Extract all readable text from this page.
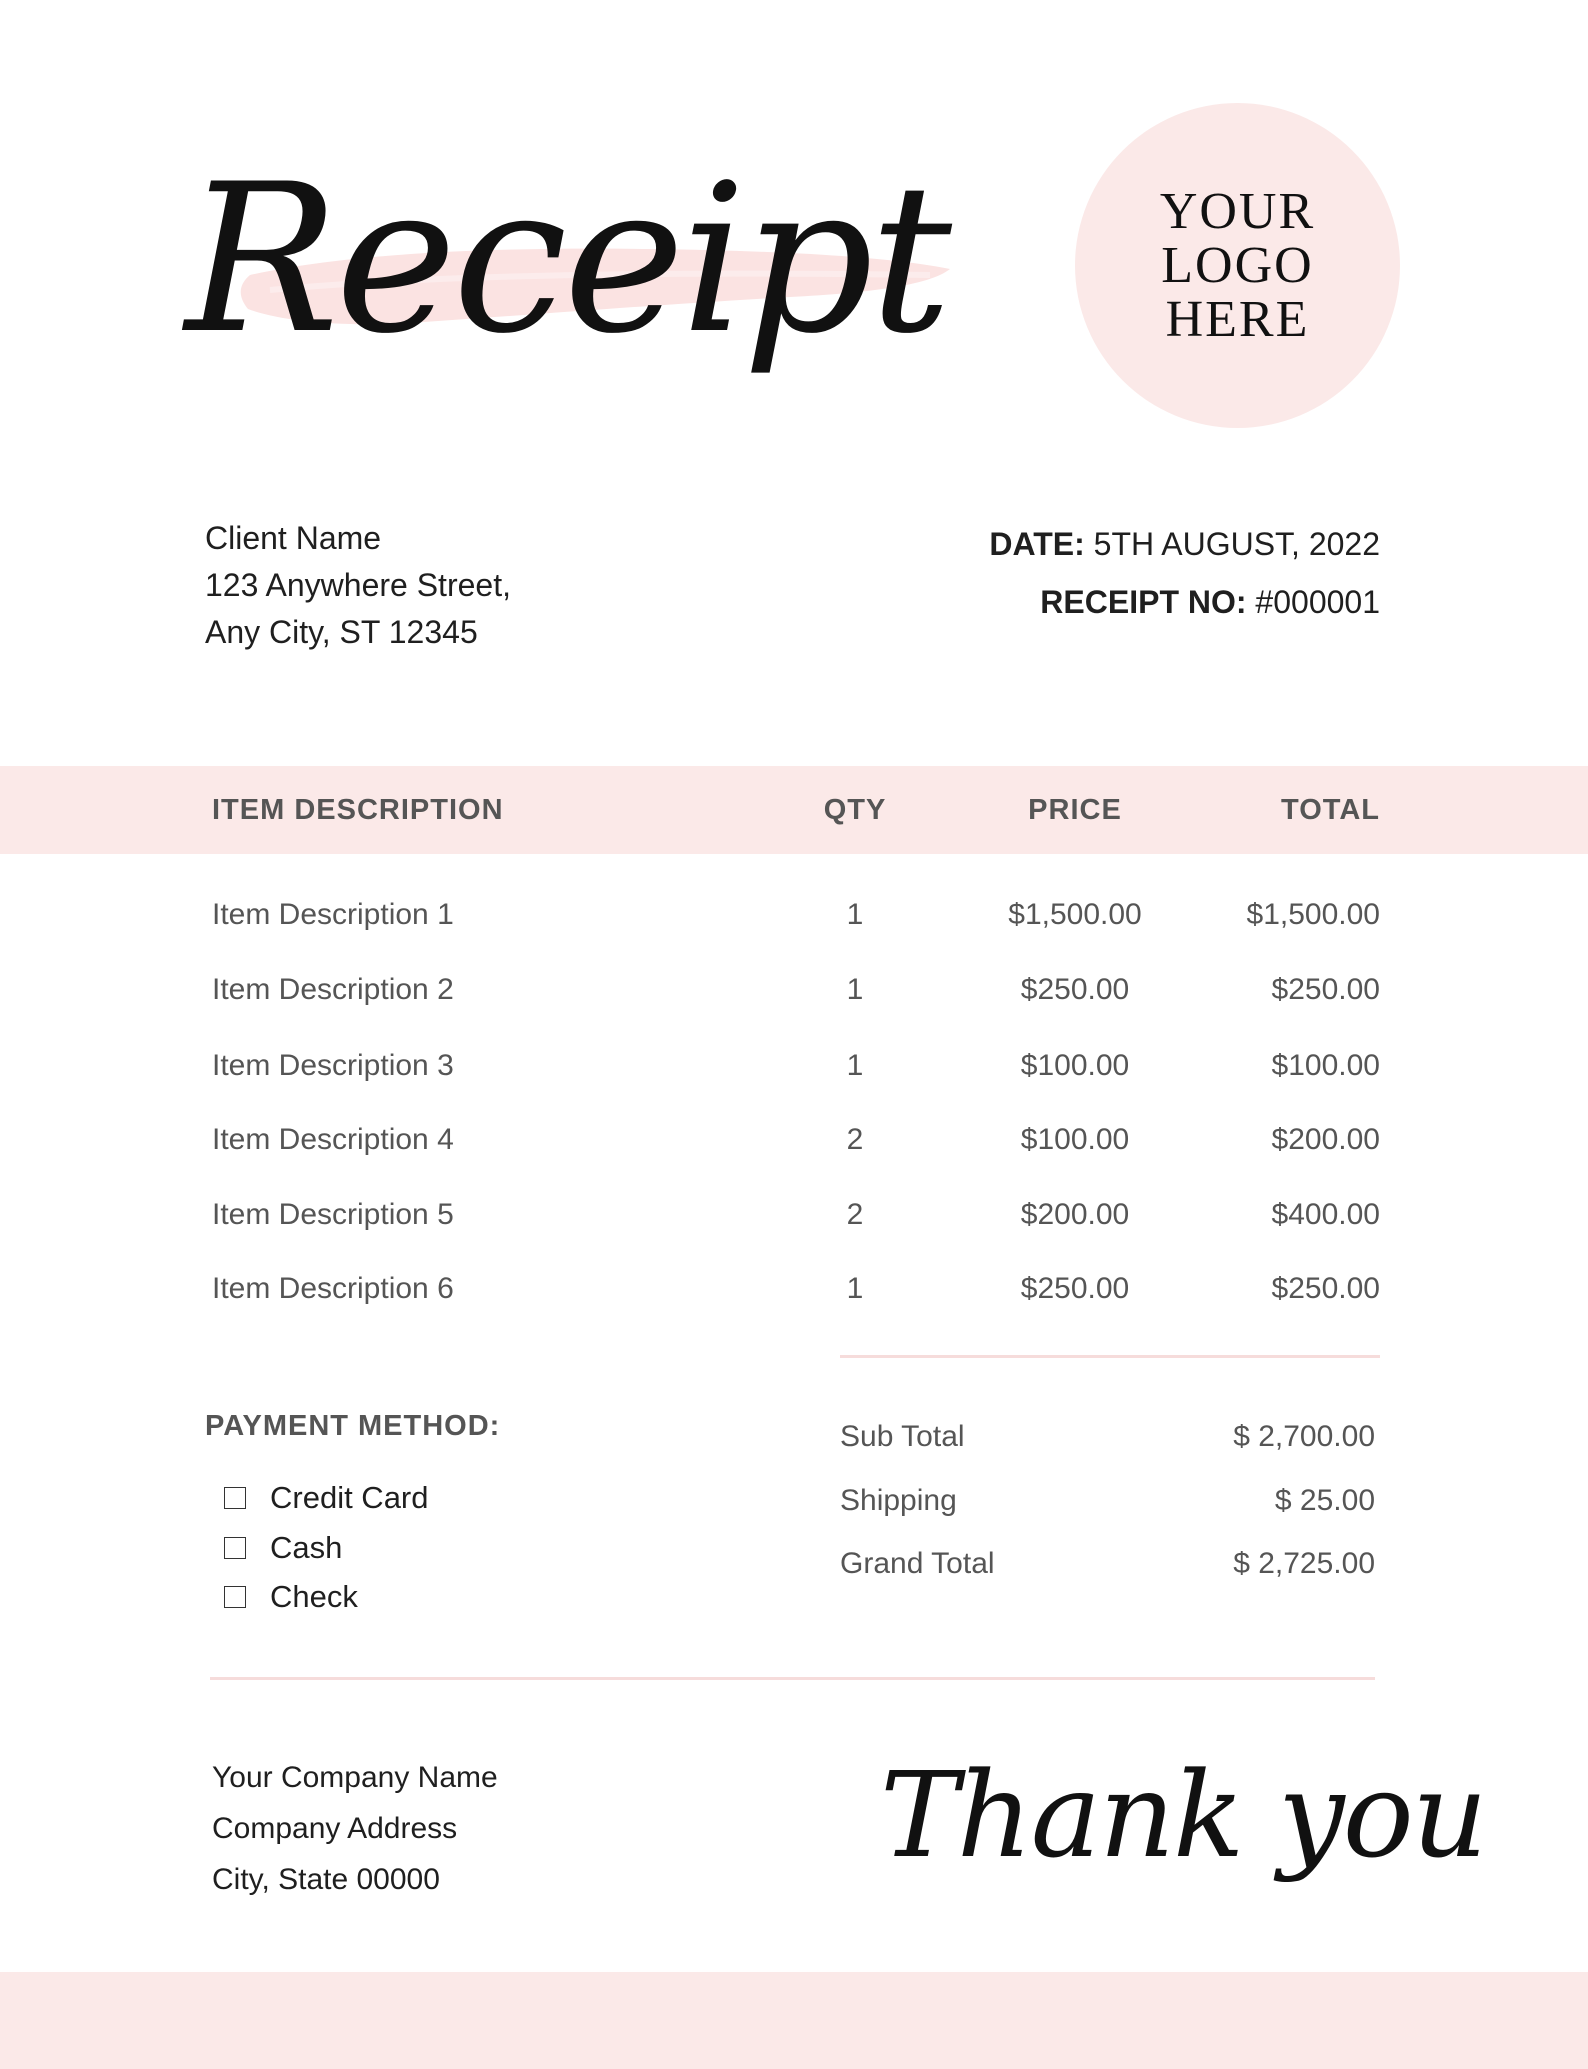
Receipt	YOUR
LOGO
HERE
Client Name
123 Anywhere Street,
Any City, ST 12345
DATE: 5TH AUGUST, 2022
RECEIPT NO: #000001
ITEM DESCRIPTION	QTY	PRICE	TOTAL
Item Description 1	1	$1,500.00	$1,500.00
Item Description 2	1	$250.00	$250.00
Item Description 3	1	$100.00	$100.00
Item Description 4	2	$100.00	$200.00
Item Description 5	2	$200.00	$400.00
Item Description 6	1	$250.00	$250.00
PAYMENT METHOD:
Credit Card
Cash
Check
Sub Total	$ 2,700.00
Shipping	$ 25.00
Grand Total	$ 2,725.00
Your Company Name
Company Address
City, State 00000	Thank you
